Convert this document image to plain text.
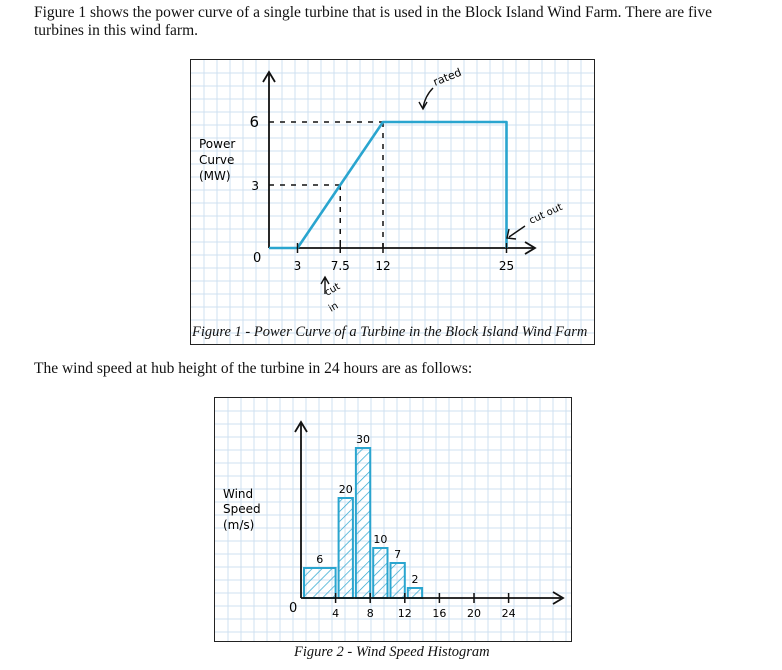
Figure 1 shows the power curve of a single turbine that is used in the Block Island Wind Farm. There are five turbines in this wind farm.

3 7.5 12	25
3
6
0
Power
Curve
(MW)
rated
cut out
cut
in
Figure 1 - Power Curve of a Turbine in the Block Island Wind Farm

The wind speed at hub height of the turbine in 24 hours are as follows:

4	8 12 16 20 24
6
20
30
10
7
2
0
Wind
Speed
(m/s)
Figure 2 - Wind Speed Histogram
